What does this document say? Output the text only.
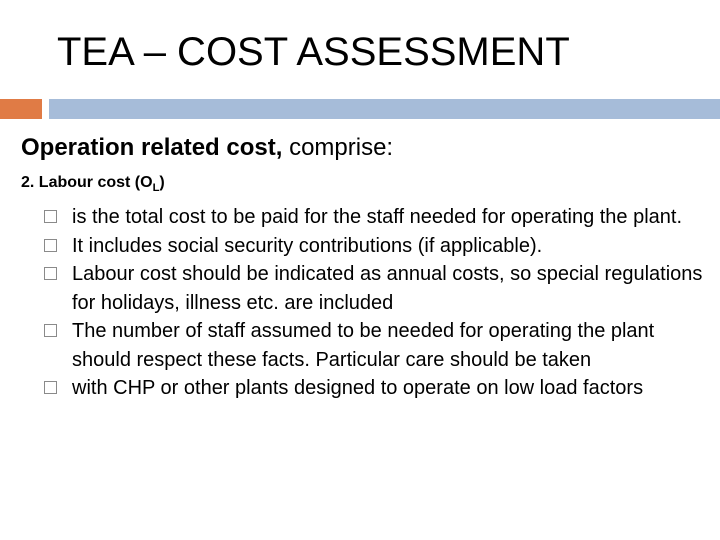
TEA – COST ASSESSMENT
Operation related cost, comprise:
2. Labour cost $(O_L)$
is the total cost to be paid for the staff needed for operating the plant.
It includes social security contributions (if applicable).
Labour cost should be indicated as annual costs, so special regulations for holidays, illness etc. are included
The number of staff assumed to be needed for operating the plant should respect these facts. Particular care should be taken
with CHP or other plants designed to operate on low load factors
